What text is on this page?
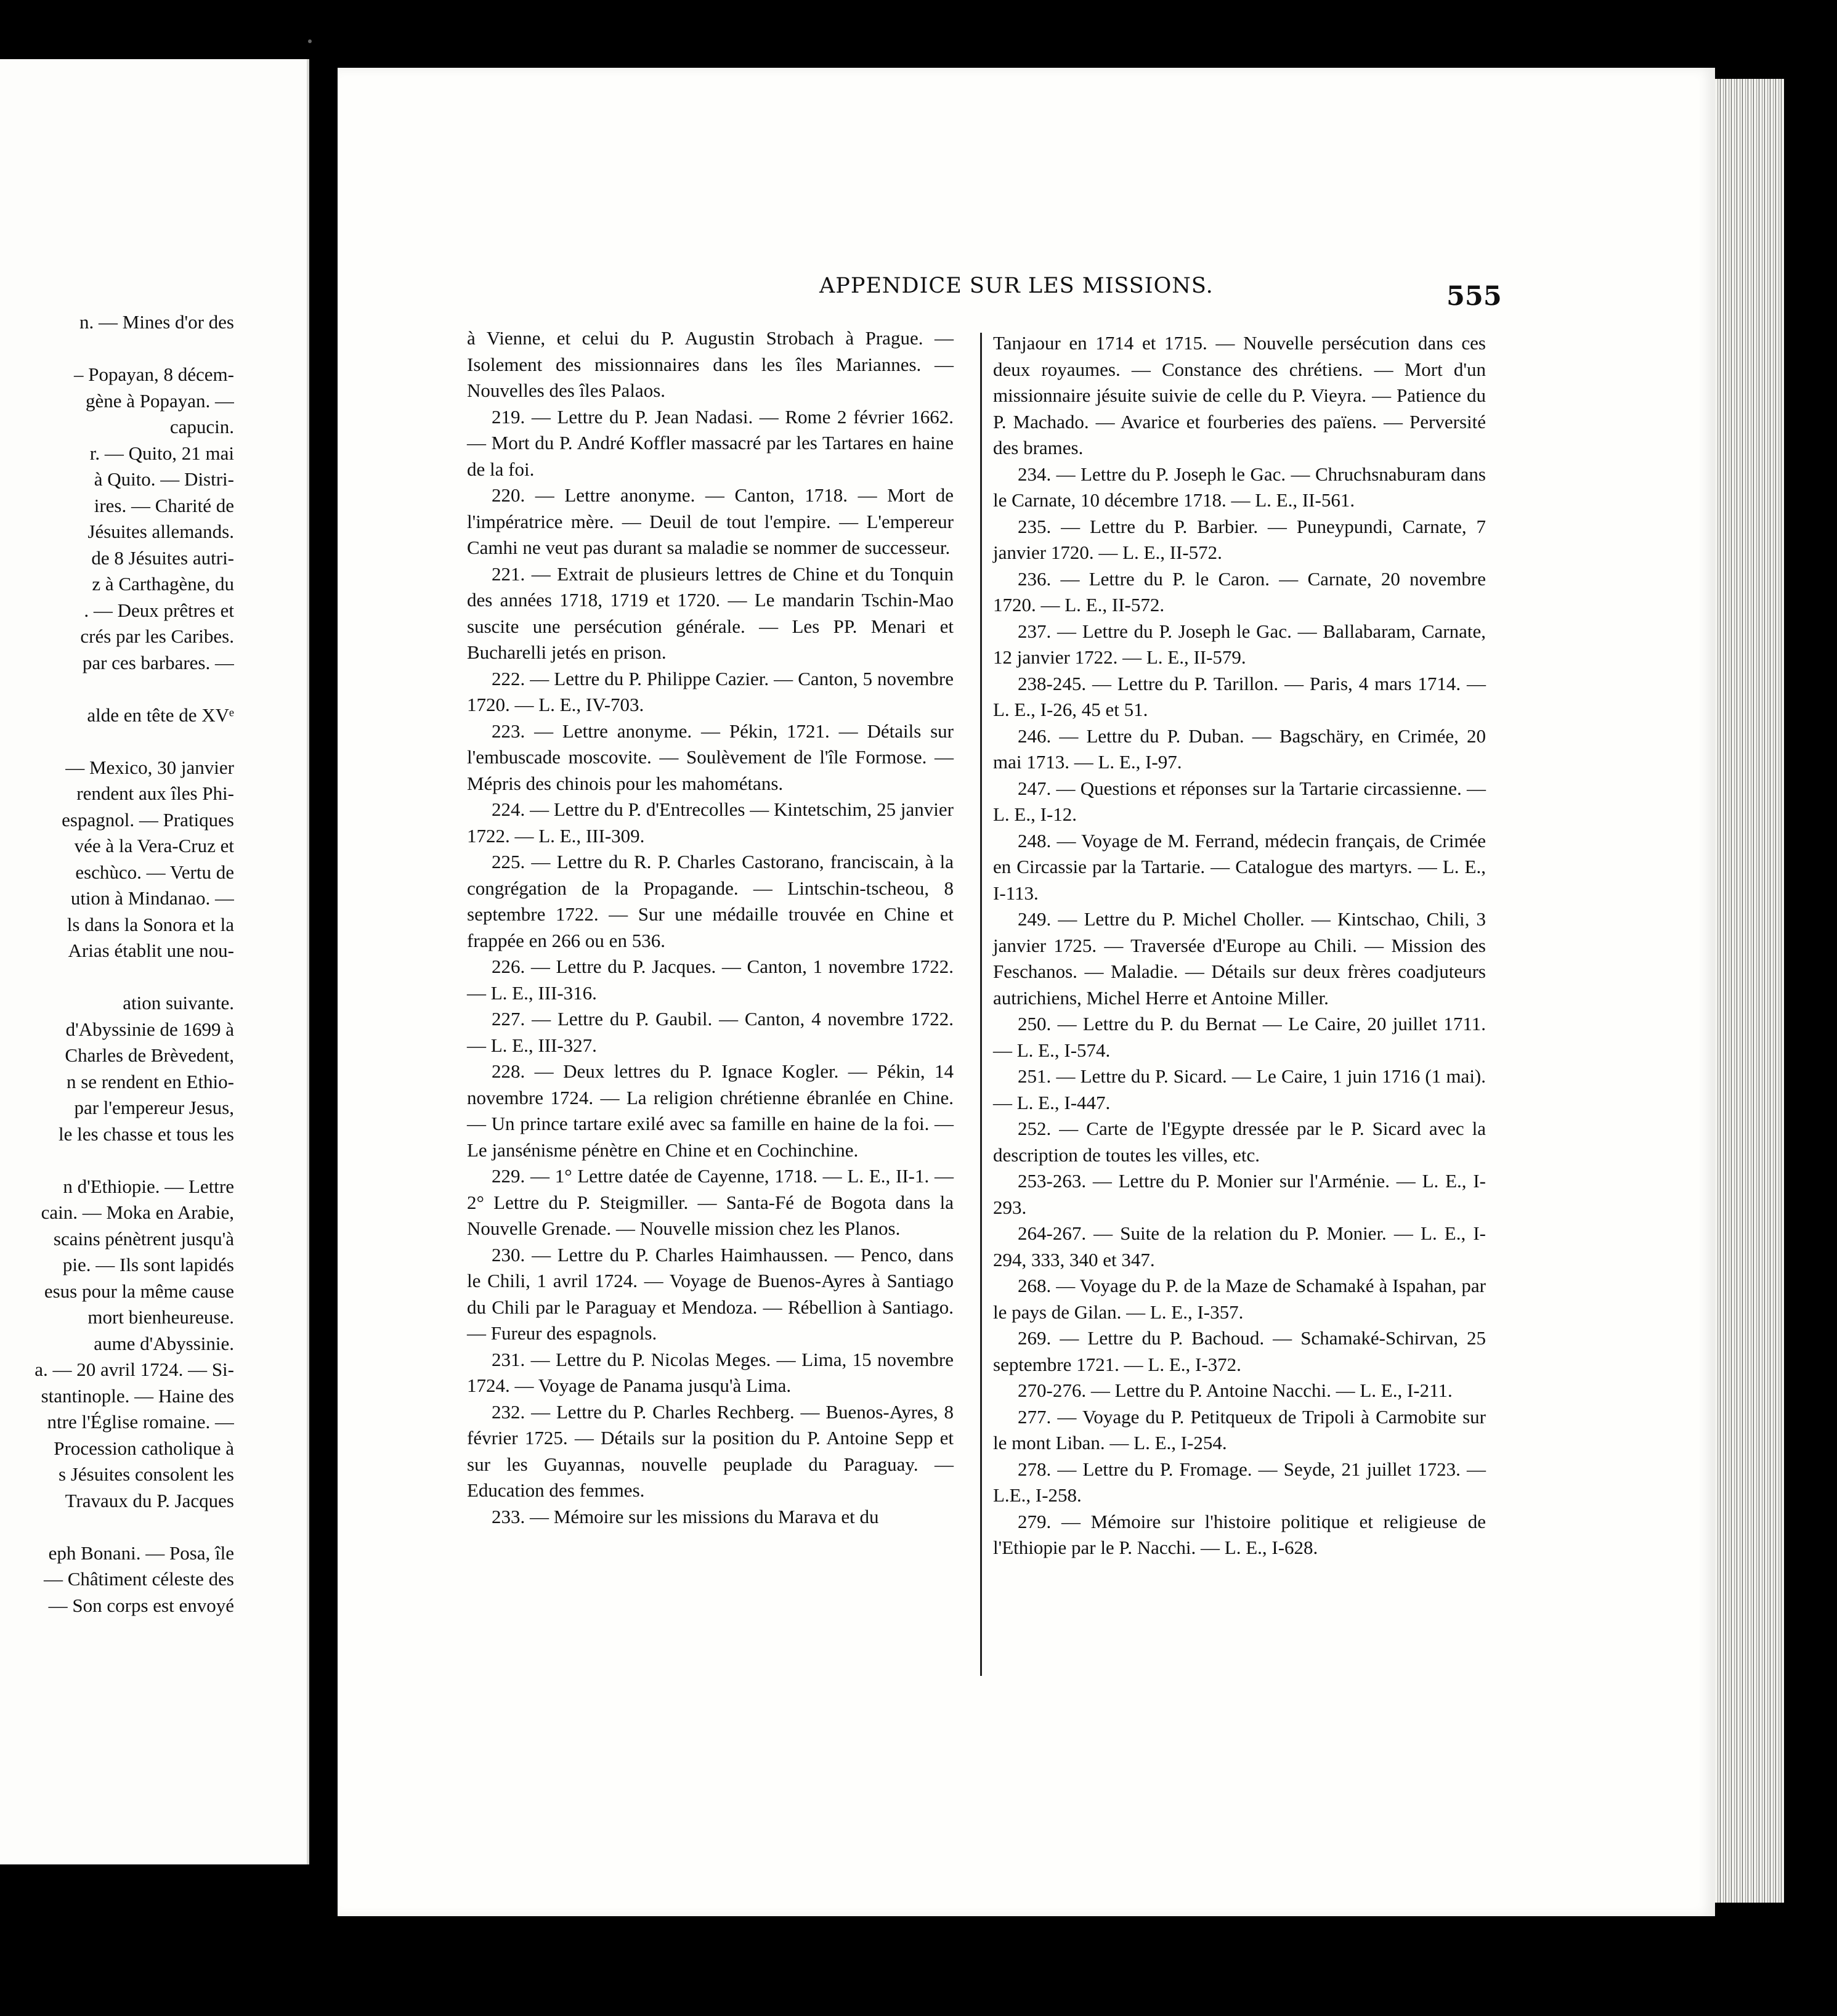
n. — Mines d'or des
– Popayan, 8 décem-
gène à Popayan. —
capucin.
r. — Quito, 21 mai
à Quito. — Distri-
ires. — Charité de
Jésuites allemands.
de 8 Jésuites autri-
z à Carthagène, du
. — Deux prêtres et
crés par les Caribes.
par ces barbares. —
alde en tête de XVᵉ
— Mexico, 30 janvier
rendent aux îles Phi-
espagnol. — Pratiques
vée à la Vera-Cruz et
eschùco. — Vertu de
ution à Mindanao. —
ls dans la Sonora et la
Arias établit une nou-
ation suivante.
d'Abyssinie de 1699 à
Charles de Brèvedent,
n se rendent en Ethio-
par l'empereur Jesus,
le les chasse et tous les
n d'Ethiopie. — Lettre
cain. — Moka en Arabie,
scains pénètrent jusqu'à
pie. — Ils sont lapidés
esus pour la même cause
mort bienheureuse.
aume d'Abyssinie.
a. — 20 avril 1724. — Si-
stantinople. — Haine des
ntre l'Église romaine. —
Procession catholique à
s Jésuites consolent les
Travaux du P. Jacques
eph Bonani. — Posa, île
— Châtiment céleste des
— Son corps est envoyé
APPENDICE SUR LES MISSIONS.	555

à Vienne, et celui du P. Augustin Strobach à Prague. — Isolement des missionnaires dans les îles Mariannes. — Nouvelles des îles Palaos.

219. — Lettre du P. Jean Nadasi. — Rome 2 février 1662. — Mort du P. André Koffler massacré par les Tartares en haine de la foi.

220. — Lettre anonyme. — Canton, 1718. — Mort de l'impératrice mère. — Deuil de tout l'empire. — L'empereur Camhi ne veut pas durant sa maladie se nommer de successeur.

221. — Extrait de plusieurs lettres de Chine et du Tonquin des années 1718, 1719 et 1720. — Le mandarin Tschin-Mao suscite une persécution générale. — Les PP. Menari et Bucharelli jetés en prison.

222. — Lettre du P. Philippe Cazier. — Canton, 5 novembre 1720. — L. E., IV-703.

223. — Lettre anonyme. — Pékin, 1721. — Détails sur l'embuscade moscovite. — Soulèvement de l'île Formose. — Mépris des chinois pour les mahométans.

224. — Lettre du P. d'Entrecolles — Kintetschim, 25 janvier 1722. — L. E., III-309.

225. — Lettre du R. P. Charles Castorano, franciscain, à la congrégation de la Propagande. — Lintschin-tscheou, 8 septembre 1722. — Sur une médaille trouvée en Chine et frappée en 266 ou en 536.

226. — Lettre du P. Jacques. — Canton, 1 novembre 1722. — L. E., III-316.

227. — Lettre du P. Gaubil. — Canton, 4 novembre 1722. — L. E., III-327.

228. — Deux lettres du P. Ignace Kogler. — Pékin, 14 novembre 1724. — La religion chrétienne ébranlée en Chine. — Un prince tartare exilé avec sa famille en haine de la foi. — Le jansénisme pénètre en Chine et en Cochinchine.

229. — 1° Lettre datée de Cayenne, 1718. — L. E., II-1. — 2° Lettre du P. Steigmiller. — Santa-Fé de Bogota dans la Nouvelle Grenade. — Nouvelle mission chez les Planos.

230. — Lettre du P. Charles Haimhaussen. — Penco, dans le Chili, 1 avril 1724. — Voyage de Buenos-Ayres à Santiago du Chili par le Paraguay et Mendoza. — Rébellion à Santiago. — Fureur des espagnols.

231. — Lettre du P. Nicolas Meges. — Lima, 15 novembre 1724. — Voyage de Panama jusqu'à Lima.

232. — Lettre du P. Charles Rechberg. — Buenos-Ayres, 8 février 1725. — Détails sur la position du P. Antoine Sepp et sur les Guyannas, nouvelle peuplade du Paraguay. — Education des femmes.

233. — Mémoire sur les missions du Marava et du

Tanjaour en 1714 et 1715. — Nouvelle persécution dans ces deux royaumes. — Constance des chrétiens. — Mort d'un missionnaire jésuite suivie de celle du P. Vieyra. — Patience du P. Machado. — Avarice et fourberies des païens. — Perversité des brames.

234. — Lettre du P. Joseph le Gac. — Chruchsnaburam dans le Carnate, 10 décembre 1718. — L. E., II-561.

235. — Lettre du P. Barbier. — Puneypundi, Carnate, 7 janvier 1720. — L. E., II-572.

236. — Lettre du P. le Caron. — Carnate, 20 novembre 1720. — L. E., II-572.

237. — Lettre du P. Joseph le Gac. — Ballabaram, Carnate, 12 janvier 1722. — L. E., II-579.

238-245. — Lettre du P. Tarillon. — Paris, 4 mars 1714. — L. E., I-26, 45 et 51.

246. — Lettre du P. Duban. — Bagschäry, en Crimée, 20 mai 1713. — L. E., I-97.

247. — Questions et réponses sur la Tartarie circassienne. — L. E., I-12.

248. — Voyage de M. Ferrand, médecin français, de Crimée en Circassie par la Tartarie. — Catalogue des martyrs. — L. E., I-113.

249. — Lettre du P. Michel Choller. — Kintschao, Chili, 3 janvier 1725. — Traversée d'Europe au Chili. — Mission des Feschanos. — Maladie. — Détails sur deux frères coadjuteurs autrichiens, Michel Herre et Antoine Miller.

250. — Lettre du P. du Bernat — Le Caire, 20 juillet 1711. — L. E., I-574.

251. — Lettre du P. Sicard. — Le Caire, 1 juin 1716 (1 mai). — L. E., I-447.

252. — Carte de l'Egypte dressée par le P. Sicard avec la description de toutes les villes, etc.

253-263. — Lettre du P. Monier sur l'Arménie. — L. E., I-293.

264-267. — Suite de la relation du P. Monier. — L. E., I-294, 333, 340 et 347.

268. — Voyage du P. de la Maze de Schamaké à Ispahan, par le pays de Gilan. — L. E., I-357.

269. — Lettre du P. Bachoud. — Schamaké-Schirvan, 25 septembre 1721. — L. E., I-372.

270-276. — Lettre du P. Antoine Nacchi. — L. E., I-211.

277. — Voyage du P. Petitqueux de Tripoli à Carmobite sur le mont Liban. — L. E., I-254.

278. — Lettre du P. Fromage. — Seyde, 21 juillet 1723. — L.E., I-258.

279. — Mémoire sur l'histoire politique et religieuse de l'Ethiopie par le P. Nacchi. — L. E., I-628.
